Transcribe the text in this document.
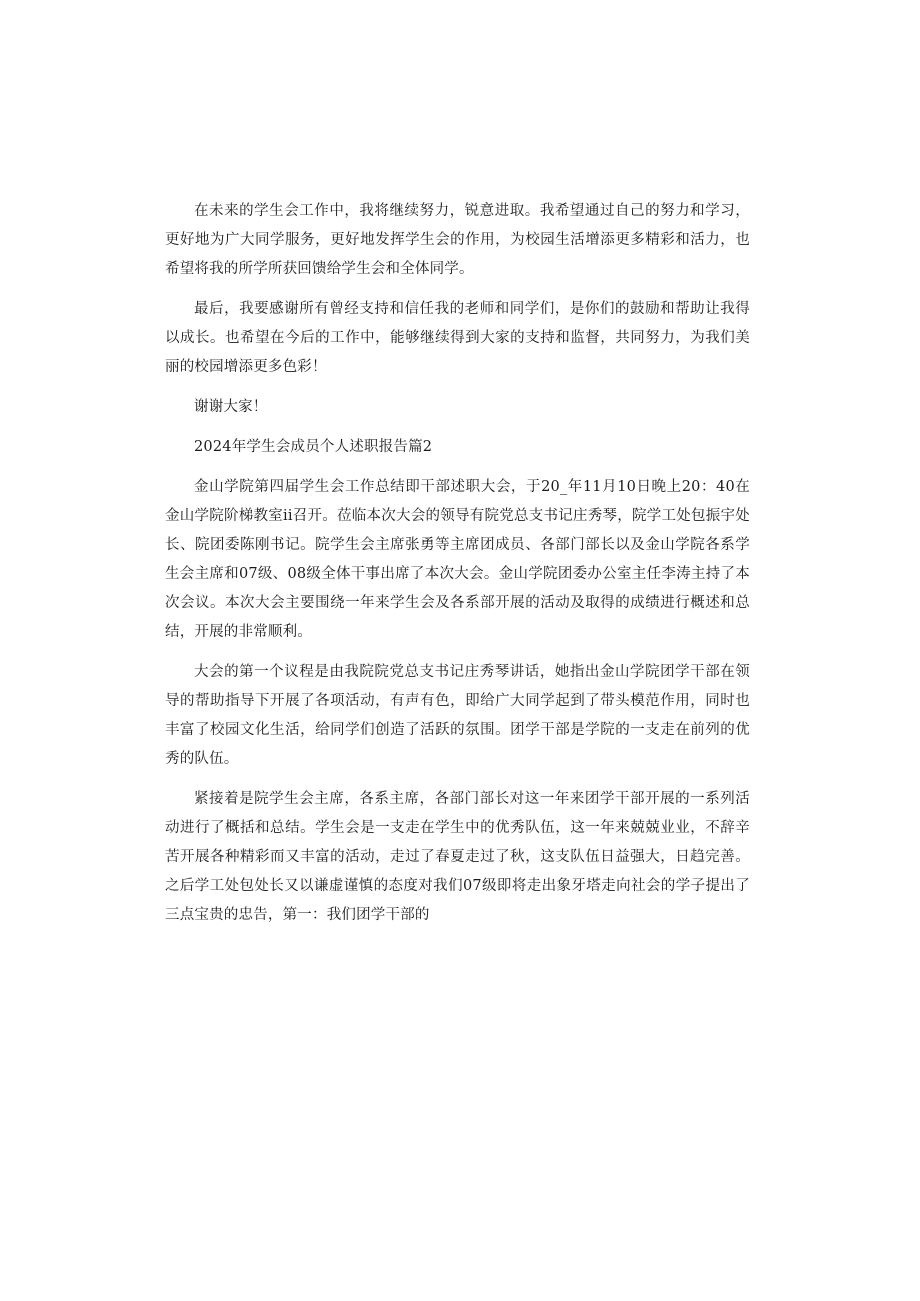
在未来的学生会工作中，我将继续努力，锐意进取。我希望通过自己的努力和学习，更好地为广大同学服务，更好地发挥学生会的作用，为校园生活增添更多精彩和活力，也希望将我的所学所获回馈给学生会和全体同学。

最后，我要感谢所有曾经支持和信任我的老师和同学们，是你们的鼓励和帮助让我得以成长。也希望在今后的工作中，能够继续得到大家的支持和监督，共同努力，为我们美丽的校园增添更多色彩！

谢谢大家！

2024年学生会成员个人述职报告篇2

金山学院第四届学生会工作总结即干部述职大会，于20_年11月10日晚上20：40在金山学院阶梯教室ii召开。莅临本次大会的领导有院党总支书记庄秀琴，院学工处包振宇处长、院团委陈刚书记。院学生会主席张勇等主席团成员、各部门部长以及金山学院各系学生会主席和07级、08级全体干事出席了本次大会。金山学院团委办公室主任李涛主持了本次会议。本次大会主要围绕一年来学生会及各系部开展的活动及取得的成绩进行概述和总结，开展的非常顺利。

大会的第一个议程是由我院院党总支书记庄秀琴讲话，她指出金山学院团学干部在领导的帮助指导下开展了各项活动，有声有色，即给广大同学起到了带头模范作用，同时也丰富了校园文化生活，给同学们创造了活跃的氛围。团学干部是学院的一支走在前列的优秀的队伍。

紧接着是院学生会主席，各系主席，各部门部长对这一年来团学干部开展的一系列活动进行了概括和总结。学生会是一支走在学生中的优秀队伍，这一年来兢兢业业，不辞辛苦开展各种精彩而又丰富的活动，走过了春夏走过了秋，这支队伍日益强大，日趋完善。之后学工处包处长又以谦虚谨慎的态度对我们07级即将走出象牙塔走向社会的学子提出了三点宝贵的忠告，第一：我们团学干部的
